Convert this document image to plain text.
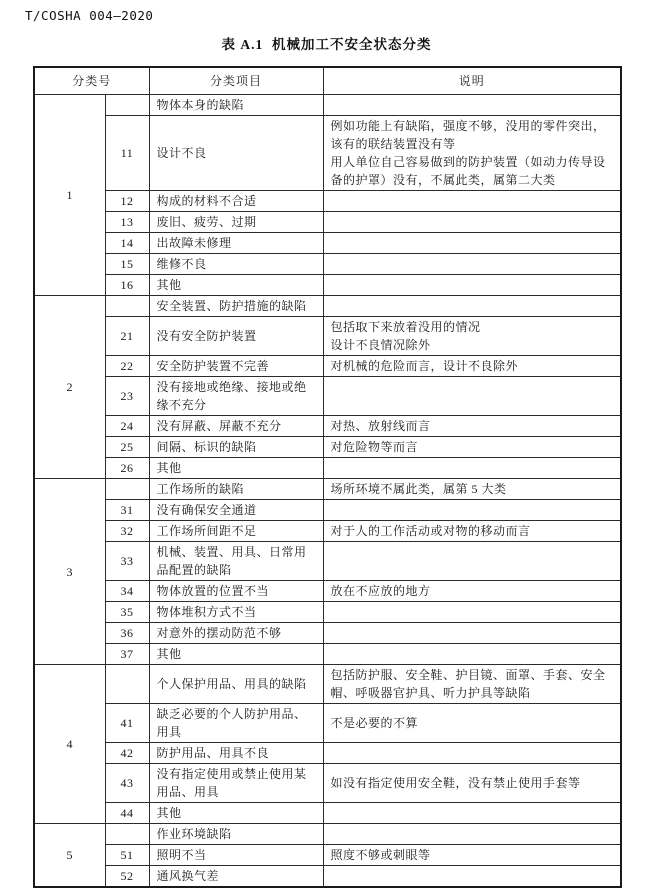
T/COSHA 004—2020
表 A.1  机械加工不安全状态分类
分类号		分类项目	说明
1		物体本身的缺陷	
	11	设计不良	例如功能上有缺陷，强度不够，没用的零件突出，该有的联结装置没有等
用人单位自己容易做到的防护装置（如动力传导设备的护罩）没有，不属此类，属第二大类
	12	构成的材料不合适	
	13	废旧、疲劳、过期	
	14	出故障未修理	
	15	维修不良	
	16	其他	
2		安全装置、防护措施的缺陷	
	21	没有安全防护装置	包括取下来放着没用的情况
设计不良情况除外
	22	安全防护装置不完善	对机械的危险而言，设计不良除外
	23	没有接地或绝缘、接地或绝缘不充分	
	24	没有屏蔽、屏蔽不充分	对热、放射线而言
	25	间隔、标识的缺陷	对危险物等而言
	26	其他	
3		工作场所的缺陷	场所环境不属此类，属第 5 大类
	31	没有确保安全通道	
	32	工作场所间距不足	对于人的工作活动或对物的移动而言
	33	机械、装置、用具、日常用品配置的缺陷	
	34	物体放置的位置不当	放在不应放的地方
	35	物体堆积方式不当	
	36	对意外的摆动防范不够	
	37	其他	
4		个人保护用品、用具的缺陷	包括防护服、安全鞋、护目镜、面罩、手套、安全帽、呼吸器官护具、听力护具等缺陷
	41	缺乏必要的个人防护用品、用具	不是必要的不算
	42	防护用品、用具不良	
	43	没有指定使用或禁止使用某用品、用具	如没有指定使用安全鞋，没有禁止使用手套等
	44	其他	
5		作业环境缺陷	
	51	照明不当	照度不够或刺眼等
	52	通风换气差	
